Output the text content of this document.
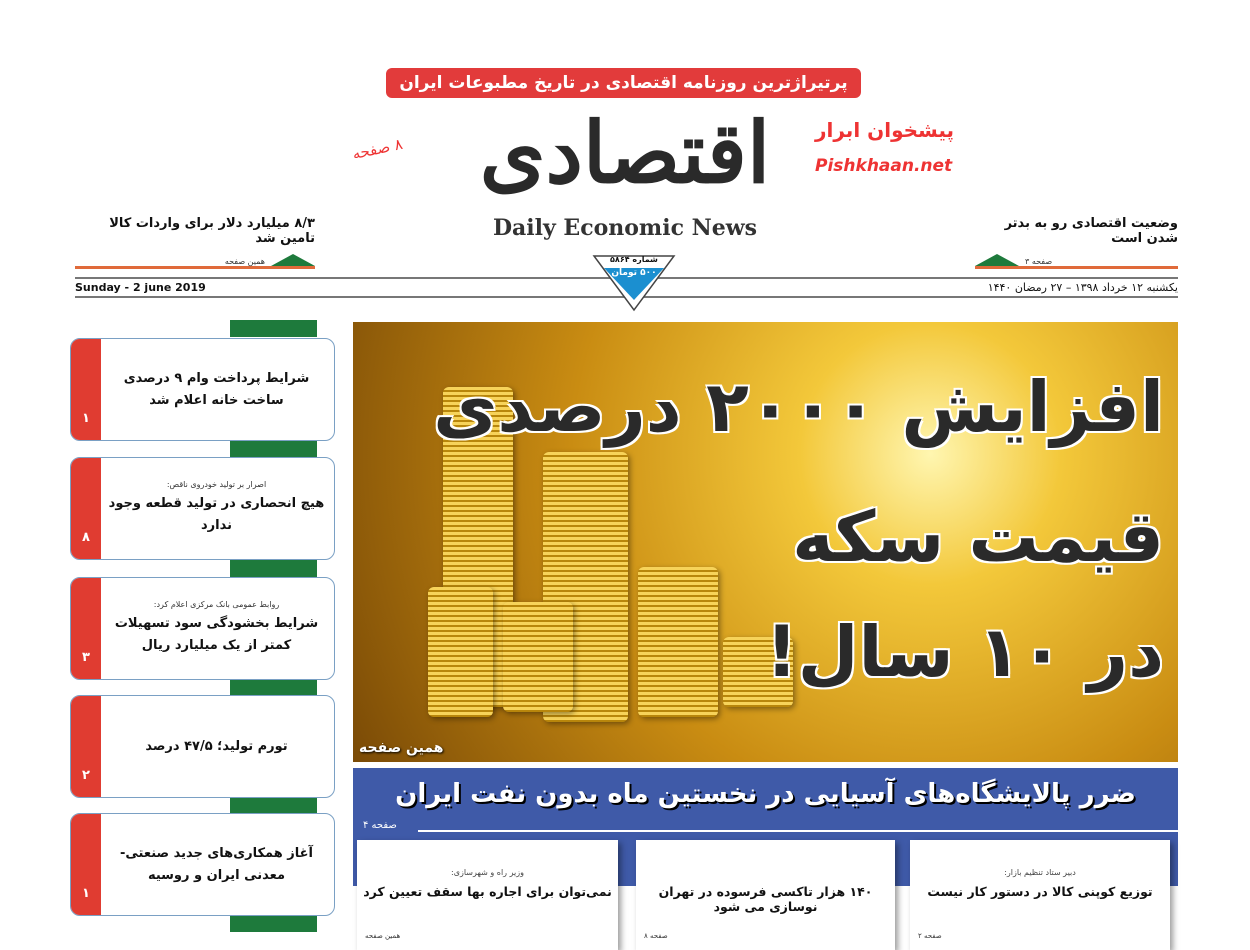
پرتیراژترین روزنامه اقتصادی در تاریخ مطبوعات ایران
اقتصادی	پیشخوان ابرار
Pishkhaan.net
۸ صفحه
Daily Economic News
۸/۳ میلیارد دلار برای واردات کالا تامین شد
همین صفحه
وضعیت اقتصادی رو به بدتر شدن است
صفحه ۳
Sunday - 2 june 2019	یکشنبه ۱۲ خرداد ۱۳۹۸ – ۲۷ رمضان ۱۴۴۰
شماره ۵۸۶۴
۵۰۰ تومان
افزایش ۲۰۰۰ درصدی
قیمت سکه
در ۱۰ سال!
همین صفحه
ضرر پالایشگاه‌های آسیایی در نخستین ماه بدون نفت ایران
صفحه ۴
وزیر راه و شهرسازی:
نمی‌توان برای اجاره بها سقف تعیین کرد
همین صفحه
۱۴۰ هزار تاکسی فرسوده در تهران نوسازی می شود
صفحه ۸
دبیر ستاد تنظیم بازار:
توزیع کوپنی کالا در دستور کار نیست
صفحه ۲
۱
شرایط پرداخت وام ۹ درصدی ساخت خانه اعلام شد
۸
اصرار بر تولید خودروی ناقص:
هیچ انحصاری در تولید قطعه وجود ندارد
۳
روابط عمومی بانک مرکزی اعلام کرد:
شرایط بخشودگی سود تسهیلات کمتر از یک میلیارد ریال
۲
تورم تولید؛ ۴۷/۵ درصد
۱
آغاز همکاری‌های جدید صنعتی-معدنی ایران و روسیه
